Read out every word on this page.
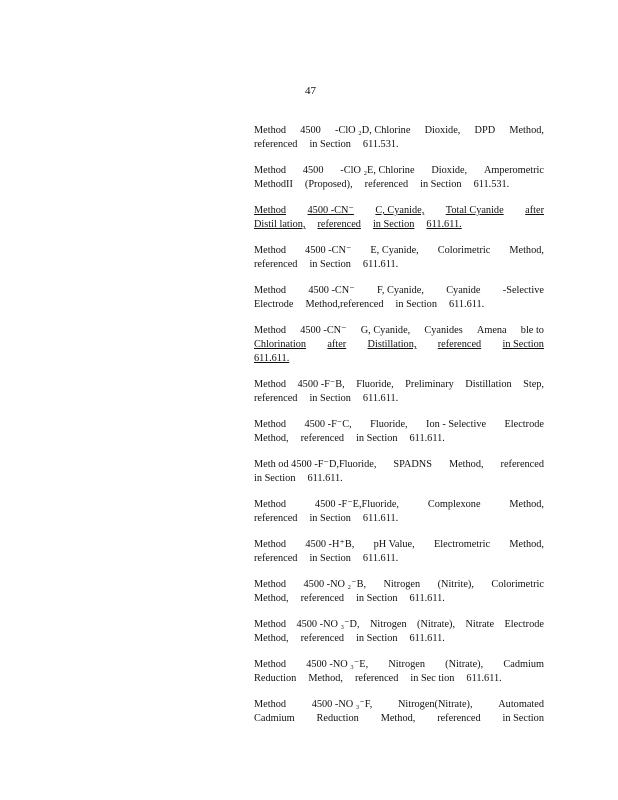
47
Method 4500 -ClO ₂D, Chlorine Dioxide, DPD Method,
referenced in Section 611.531.
Method 4500 -ClO ₂E, Chlorine Dioxide, Amperometric
MethodII (Proposed), referenced in Section 611.531.
Method 4500 -CN⁻ C, Cyanide, Total Cyanide after
Distil lation, referenced in Section 611.611.
Method 4500 -CN⁻ E, Cyanide, Colorimetric Method,
referenced in Section 611.611.
Method 4500 -CN⁻ F, Cyanide, Cyanide -Selective
Electrode Method,referenced in Section 611.611.
Method 4500 -CN⁻ G, Cyanide, Cyanides Amena ble to
Chlorination after Distillation, referenced in Section
611.611.
Method 4500 -F⁻B, Fluoride, Preliminary Distillation Step,
referenced in Section 611.611.
Method 4500 -F⁻C, Fluoride, Ion - Selective Electrode
Method, referenced in Section 611.611.
Meth od 4500 -F⁻D,Fluoride, SPADNS Method, referenced
in Section 611.611.
Method	4500 -F⁻E,Fluoride,	Complexone	Method,
referenced in Section 611.611.
Method 4500 -H⁺B, pH Value, Electrometric Method,
referenced in Section 611.611.
Method 4500 -NO ₂⁻B, Nitrogen (Nitrite), Colorimetric
Method, referenced in Section 611.611.
Method 4500 -NO ₃⁻D, Nitrogen (Nitrate), Nitrate Electrode
Method, referenced in Section 611.611.
Method 4500 -NO ₃⁻E, Nitrogen (Nitrate), Cadmium
Reduction Method, referenced in Sec tion 611.611.
Method 4500 -NO ₃⁻F, Nitrogen(Nitrate), Automated
Cadmium Reduction Method, referenced in Section
